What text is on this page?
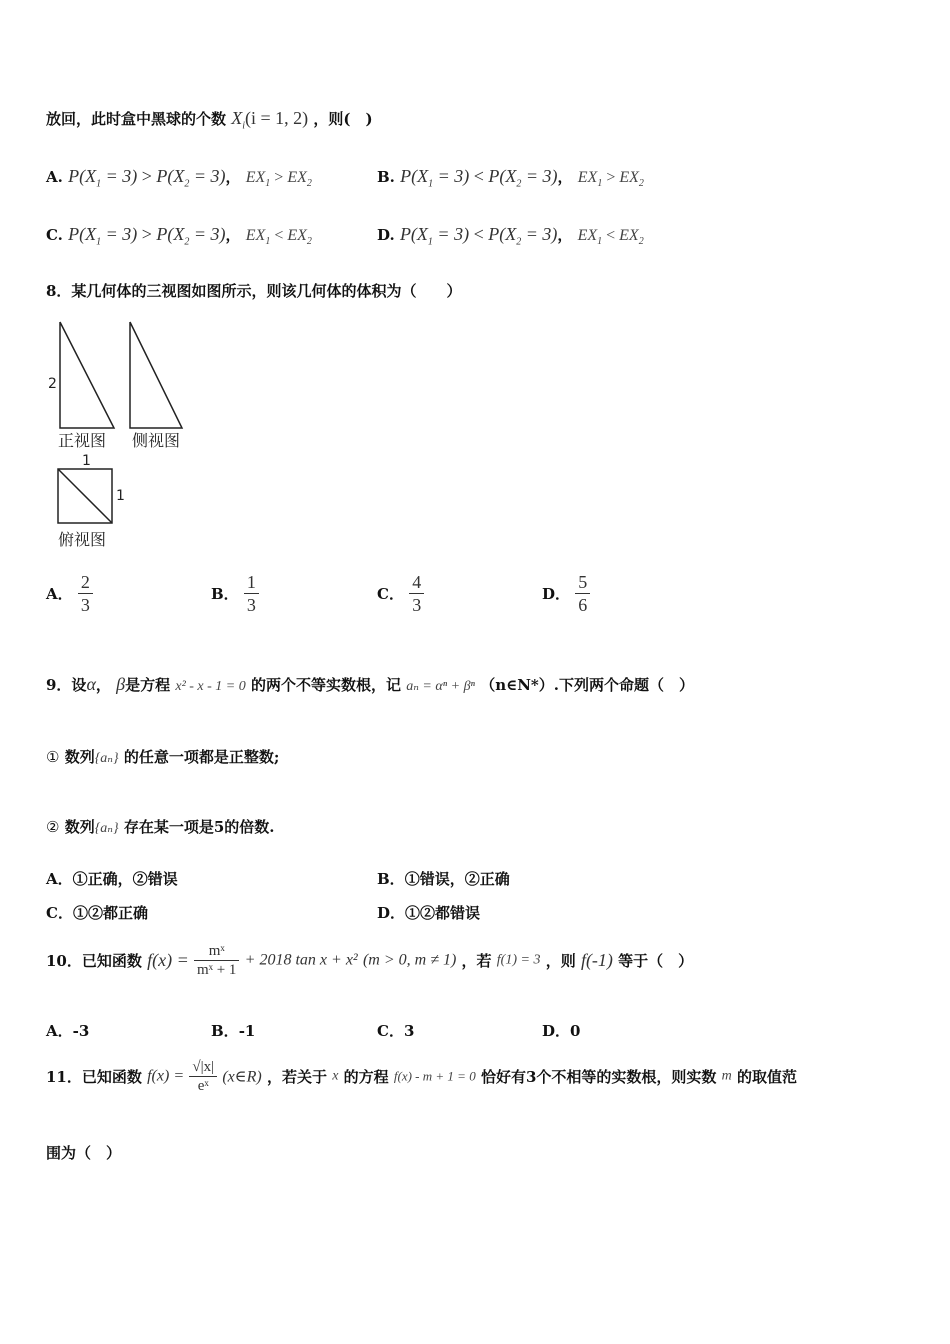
放回，此时盒中黑球的个数 $X_i(i = 1$, 2) ，则(　)
A. $P(X_1 = 3) > P(X_2 = 3)$， $EX_1 > EX_2$	B. $P(X_1 = 3) < P(X_2 = 3)$， $EX_1 > EX_2$
C. $P(X_1 = 3) > P(X_2 = 3)$， $EX_1 < EX_2$	D. $P(X_1 = 3) < P(X_2 = 3)$， $EX_1 < EX_2$
8．某几何体的三视图如图所示，则该几何体的体积为（　　）
2
正视图 侧视图
1
1
俯视图
A． $\frac{2}{3}$	B． $\frac{1}{3}$	C． $\frac{4}{3}$	D． $\frac{5}{6}$
9．设α， β是方程 x² - x - 1 = 0 的两个不等实数根，记 aₙ = αⁿ + βⁿ （n∈N*）.下列两个命题（　）
① 数列{aₙ} 的任意一项都是正整数;
② 数列{aₙ} 存在某一项是5的倍数.
A．①正确，②错误	B．①错误，②正确
C．①②都正确	D．①②都错误
10．已知函数 $f(x) = \frac{\text{mˣ}}{\text{mˣ + 1}} + 2018$ tan x + x² (m > 0, m ≠ 1) ，若 f(1) = 3 ，则 f(-1) 等于（　）
A．-3	B．-1	C．3	D．0
11．已知函数 $f(x) = \frac{√|x|}{\text{eˣ}}$ (x∈R) ，若关于 x 的方程 f(x) - m + 1 = 0 恰好有3个不相等的实数根，则实数 m 的取值范
围为（　）
